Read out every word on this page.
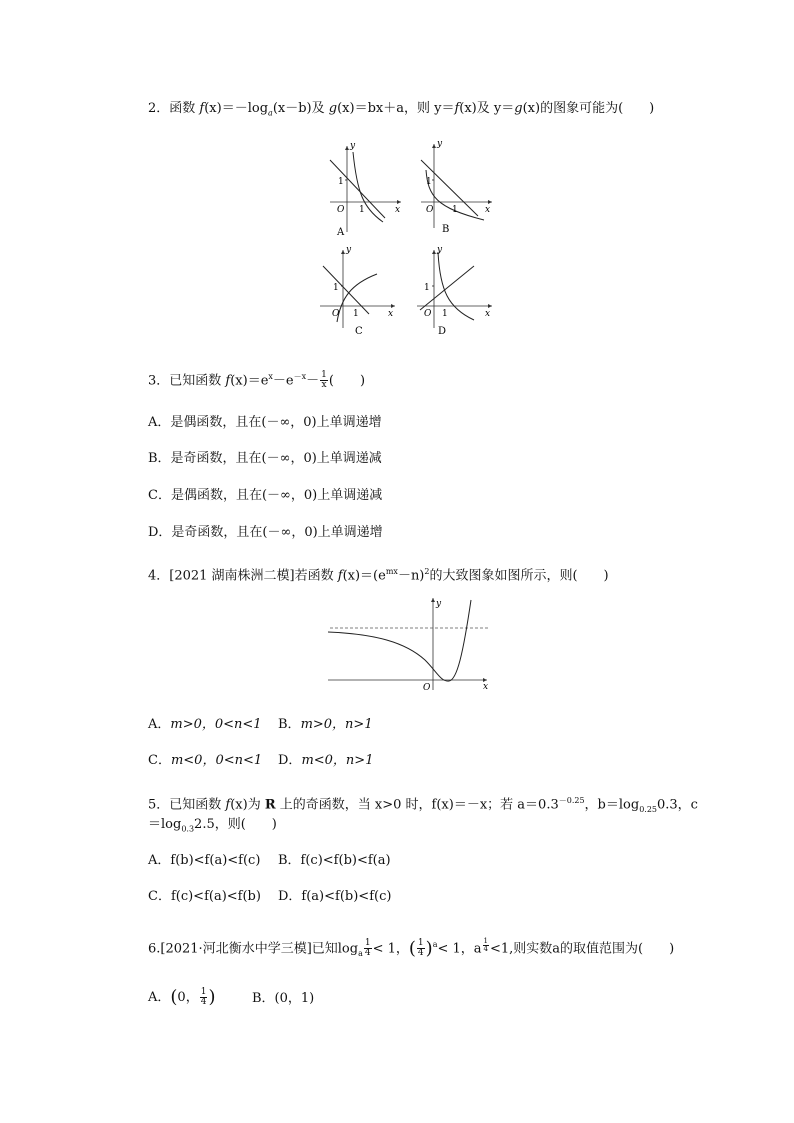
2．函数 $f(x)=-\log_a(x-b)$及 g(x)＝bx＋a，则 y＝f(x)及 y＝g(x)的图象可能为(　　)
1
O 1	x
y
A
1
O 1	x
y
B
1
O 1	x
y
C
1
O 1	x
y
D
3．已知函数 $f(x)=e^x-e^{-x}- \frac{1}{x}$ (　　)
A．是偶函数，且在(－∞，0)上单调递增
B．是奇函数，且在(－∞，0)上单调递减
C．是偶函数，且在(－∞，0)上单调递减
D．是奇函数，且在(－∞，0)上单调递增
4．[2021 湖南株洲二模]若函数 $f(x)=(e^{mx}-n)^2$的大致图象如图所示，则(　　)
O	x
y
A．m>0，0<n<1 B．m>0，n>1
C．m<0，0<n<1 D．m<0，n>1
5．已知函数 f(x)为 R 上的奇函数，当 x>0 时，f(x)＝－x；若 $a=0.3^{-0.25}$，$b=\log_{0.25}0.3$，c
$=\log_{0.3}2.5$，则(　　)
A．f(b)<f(a)<f(c) B．f(c)<f(b)<f(a)
C．f(c)<f(a)<f(b) D．f(a)<f(b)<f(c)
6.[2021·河北衡水中学三模]已知$\log_a \frac{1}{4} < 1$，( $\frac{1}{4} )^a< 1$，a $^{\frac{1}{4}}$ <1,则实数a的取值范围为(　　)
A．(0， $\frac{1}{4}$ )	B．(0，1)
